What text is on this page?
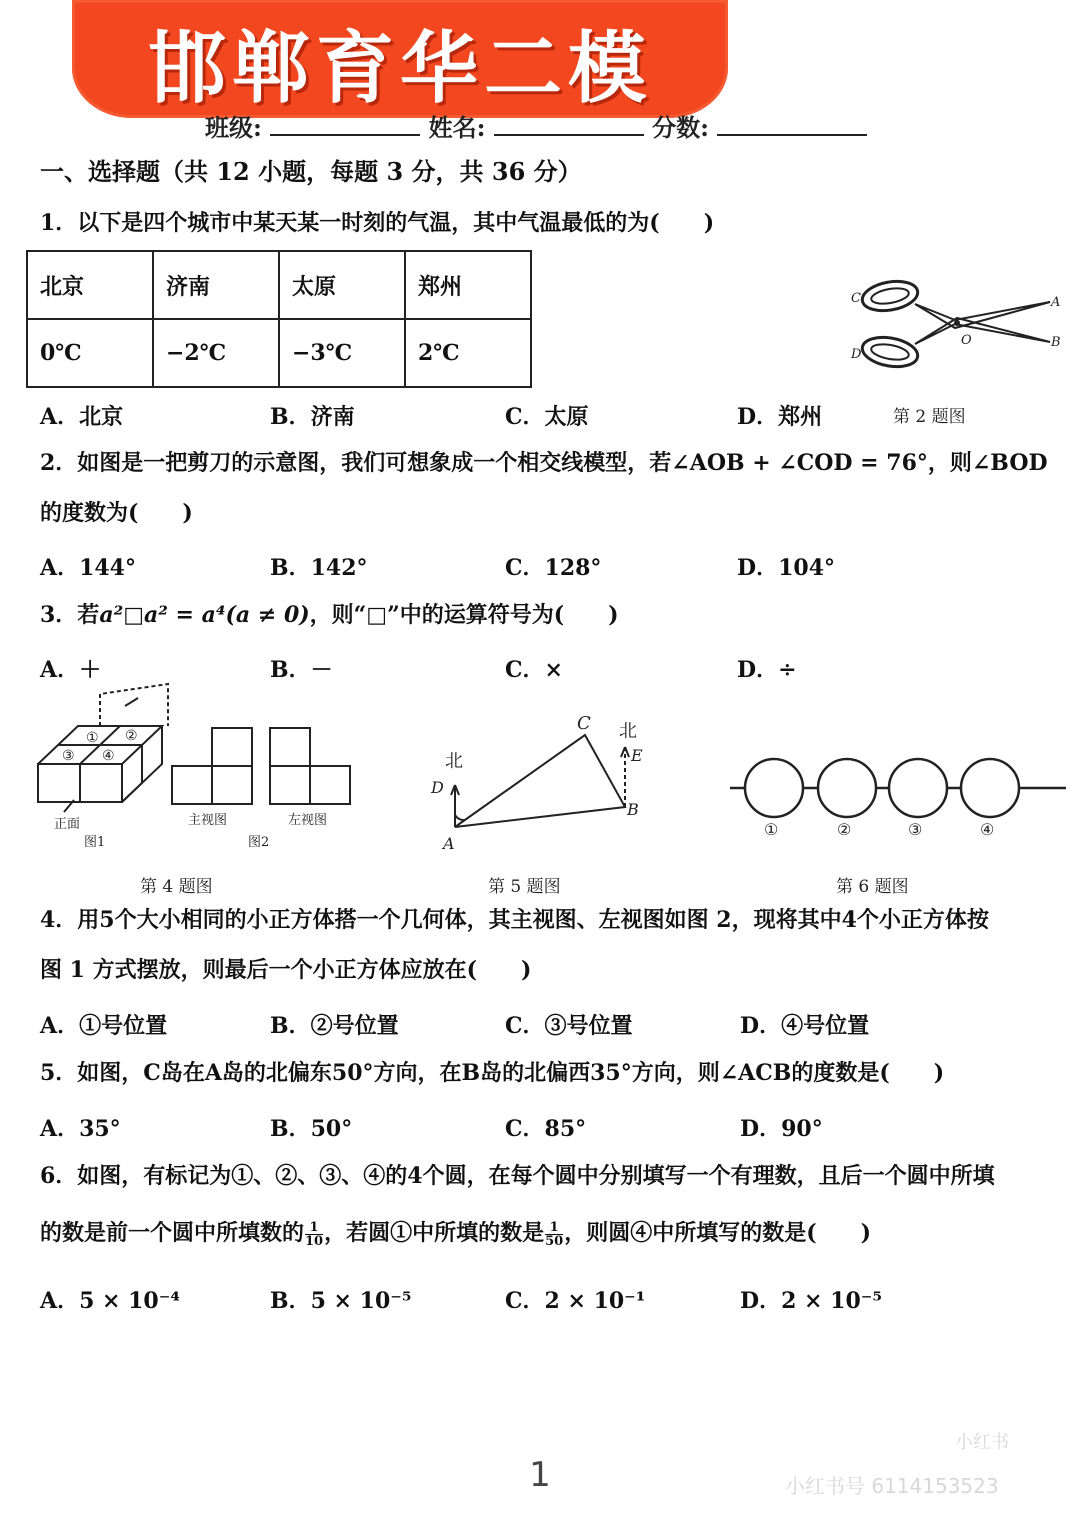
邯郸育华二模
班级:	姓名:	分数:
一、选择题（共 12 小题，每题 3 分，共 36 分）
1．以下是四个城市中某天某一时刻的气温，其中气温最低的为(　　)
北京	济南	太原	郑州
0℃	−2℃	−3℃	2℃
A．北京	B．济南	C．太原	D．郑州
C	A
O
D
B
第 2 题图
2．如图是一把剪刀的示意图，我们可想象成一个相交线模型，若∠AOB + ∠COD = 76°，则∠BOD
的度数为(　　)
A．144°	B．142°	C．128°	D．104°
3．若a²□a² = a⁴(a ≠ 0)，则“□”中的运算符号为(　　)
A．＋	B．－	C．×	D．÷
① ②
③ ④
正面
图1
主视图	左视图
图2
第 4 题图
C
D
A
E
B
北
北
第 5 题图
①	②	③	④
第 6 题图
4．用5个大小相同的小正方体搭一个几何体，其主视图、左视图如图 2，现将其中4个小正方体按
图 1 方式摆放，则最后一个小正方体应放在(　　)
A．①号位置	B．②号位置	C．③号位置	D．④号位置
5．如图，C岛在A岛的北偏东50°方向，在B岛的北偏西35°方向，则∠ACB的度数是(　　)
A．35°	B．50°	C．85°	D．90°
6．如图，有标记为①、②、③、④的4个圆，在每个圆中分别填写一个有理数，且后一个圆中所填
的数是前一个圆中所填数的 $\frac{1}{10}$ ，若圆①中所填的数是 $\frac{1}{50}$ ，则圆④中所填写的数是(　　)
A．5 × 10⁻⁴	B．5 × 10⁻⁵	C．2 × 10⁻¹	D．2 × 10⁻⁵
1
小红书
小红书号 6114153523
